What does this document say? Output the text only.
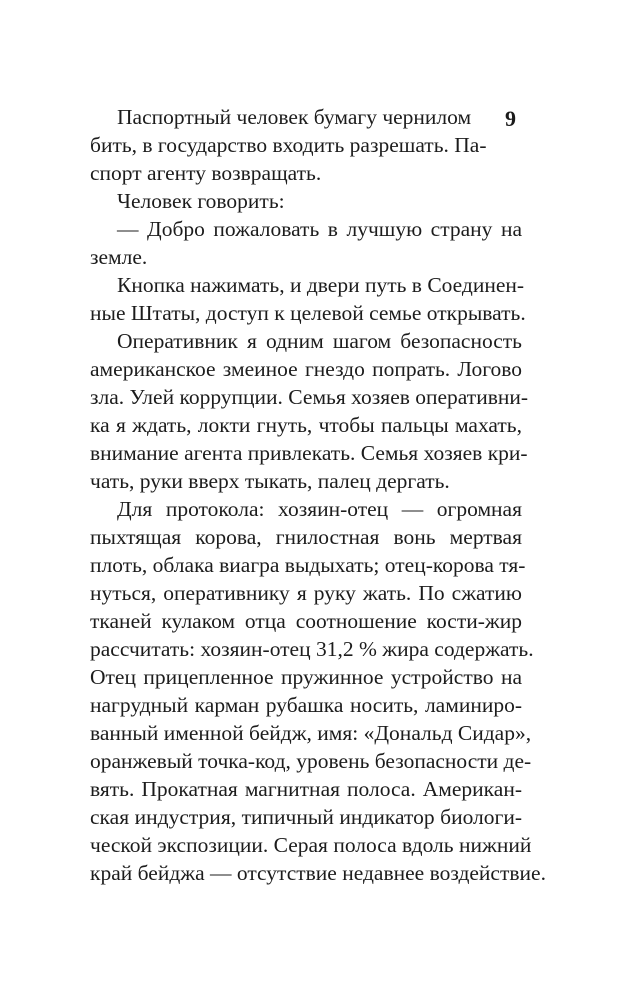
Паспортный человек бумагу чернилом
бить, в государство входить разрешать. Па-
спорт агенту возвращать.
Человек говорить:
— Добро пожаловать в лучшую страну на
земле.
Кнопка нажимать, и двери путь в Соединен-
ные Штаты, доступ к целевой семье открывать.
Оперативник я одним шагом безопасность
американское змеиное гнездо попрать. Логово
зла. Улей коррупции. Семья хозяев оперативни-
ка я ждать, локти гнуть, чтобы пальцы махать,
внимание агента привлекать. Семья хозяев кри-
чать, руки вверх тыкать, палец дергать.
Для протокола: хозяин-отец — огромная
пыхтящая корова, гнилостная вонь мертвая
плоть, облака виагра выдыхать; отец-корова тя-
нуться, оперативнику я руку жать. По сжатию
тканей кулаком отца соотношение кости-жир
рассчитать: хозяин-отец 31,2 % жира содержать.
Отец прицепленное пружинное устройство на
нагрудный карман рубашка носить, ламиниро-
ванный именной бейдж, имя: «Дональд Сидар»,
оранжевый точка-код, уровень безопасности де-
вять. Прокатная магнитная полоса. Американ-
ская индустрия, типичный индикатор биологи-
ческой экспозиции. Серая полоса вдоль нижний
край бейджа — отсутствие недавнее воздействие.
9
